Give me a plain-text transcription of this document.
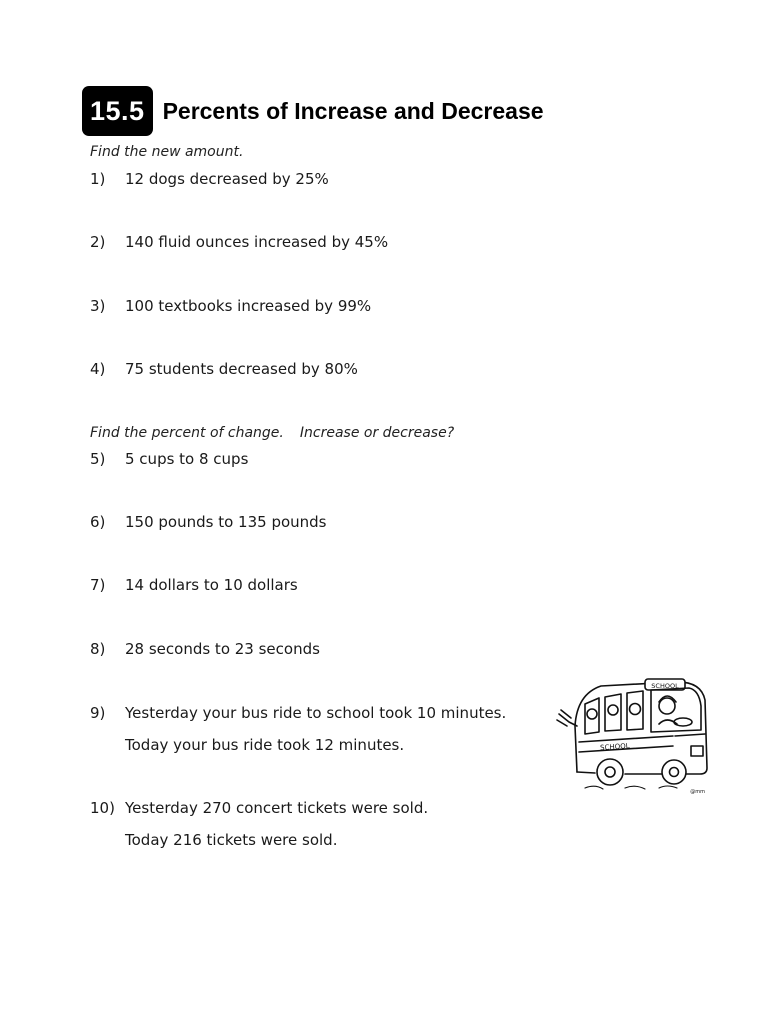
15.5 Percents of Increase and Decrease
Find the new amount.
1)	12 dogs decreased by 25%
2)	140 fluid ounces increased by 45%
3)	100 textbooks increased by 99%
4)	75 students decreased by 80%
Find the percent of change. Increase or decrease?
5)	5 cups to 8 cups
6)	150 pounds to 135 pounds
7)	14 dollars to 10 dollars
8)	28 seconds to 23 seconds
9)	Yesterday your bus ride to school took 10 minutes.
Today your bus ride took 12 minutes.
10) Yesterday 270 concert tickets were sold.
Today 216 tickets were sold.
SCHOOL
SCHOOL
@mm
